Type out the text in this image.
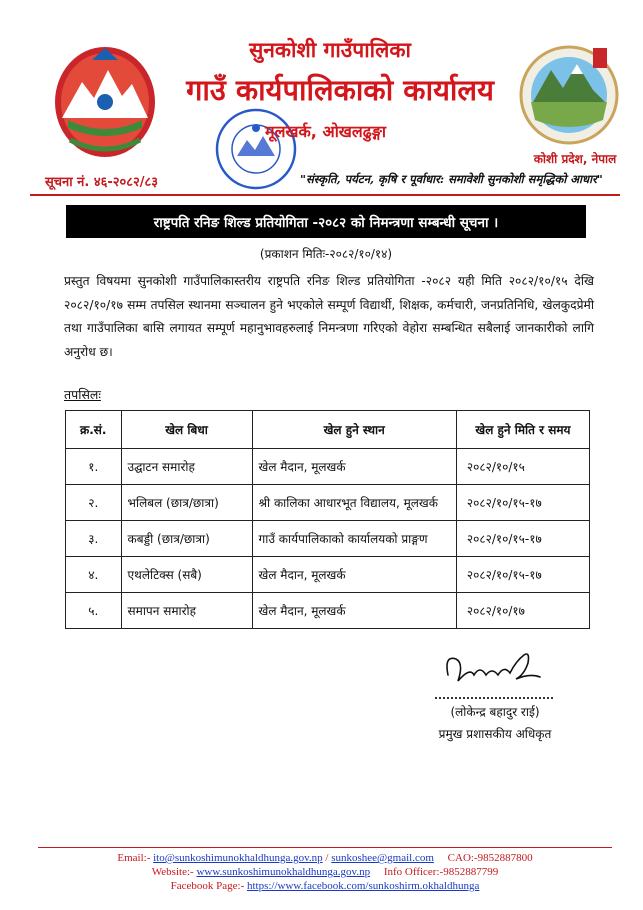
सुनकोशी गाउँपालिका
गाउँ कार्यपालिकाको कार्यालय
मूलखर्क, ओखलढुङ्गा
कोशी प्रदेश, नेपाल
सूचना नं. ४६-२०८२/८३	"संस्कृति, पर्यटन, कृषि र पूर्वाधार: समावेशी सुनकोशी समृद्धिको आधार"
राष्ट्रपति रनिङ शिल्ड प्रतियोगिता -२०८२ को निमन्त्रणा सम्बन्धी सूचना ।
(प्रकाशन मितिः-२०८२/१०/१४)
प्रस्तुत विषयमा सुनकोशी गाउँपालिकास्तरीय राष्ट्रपति रनिङ शिल्ड प्रतियोगिता -२०८२ यही मिति २०८२/१०/१५ देखि २०८२/१०/१७ सम्म तपसिल स्थानमा सञ्चालन हुने भएकोले सम्पूर्ण विद्यार्थी, शिक्षक, कर्मचारी, जनप्रतिनिधि, खेलकुदप्रेमी तथा गाउँपालिका बासि लगायत सम्पूर्ण महानुभावहरुलाई निमन्त्रणा गरिएको वेहोरा सम्बन्धित सबैलाई जानकारीको लागि अनुरोध छ।
तपसिलः
क्र.सं.	खेल बिधा	खेल हुने स्थान	खेल हुने मिति र समय
१.	उद्घाटन समारोह	खेल मैदान, मूलखर्क	२०८२/१०/१५
२.	भलिबल (छात्र/छात्रा)	श्री कालिका आधारभूत विद्यालय, मूलखर्क	२०८२/१०/१५-१७
३.	कबड्डी (छात्र/छात्रा)	गाउँ कार्यपालिकाको कार्यालयको प्राङ्गण	२०८२/१०/१५-१७
४.	एथलेटिक्स (सबै)	खेल मैदान, मूलखर्क	२०८२/१०/१५-१७
५.	समापन समारोह	खेल मैदान, मूलखर्क	२०८२/१०/१७
(लोकेन्द्र बहादुर राई)
प्रमुख प्रशासकीय अधिकृत
Email:- ito@sunkoshimunokhaldhunga.gov.np / sunkoshee@gmail.com CAO:-9852887800
Website:- www.sunkoshimunokhaldhunga.gov.np Info Officer:-9852887799
Facebook Page:- https://www.facebook.com/sunkoshirm.okhaldhunga
